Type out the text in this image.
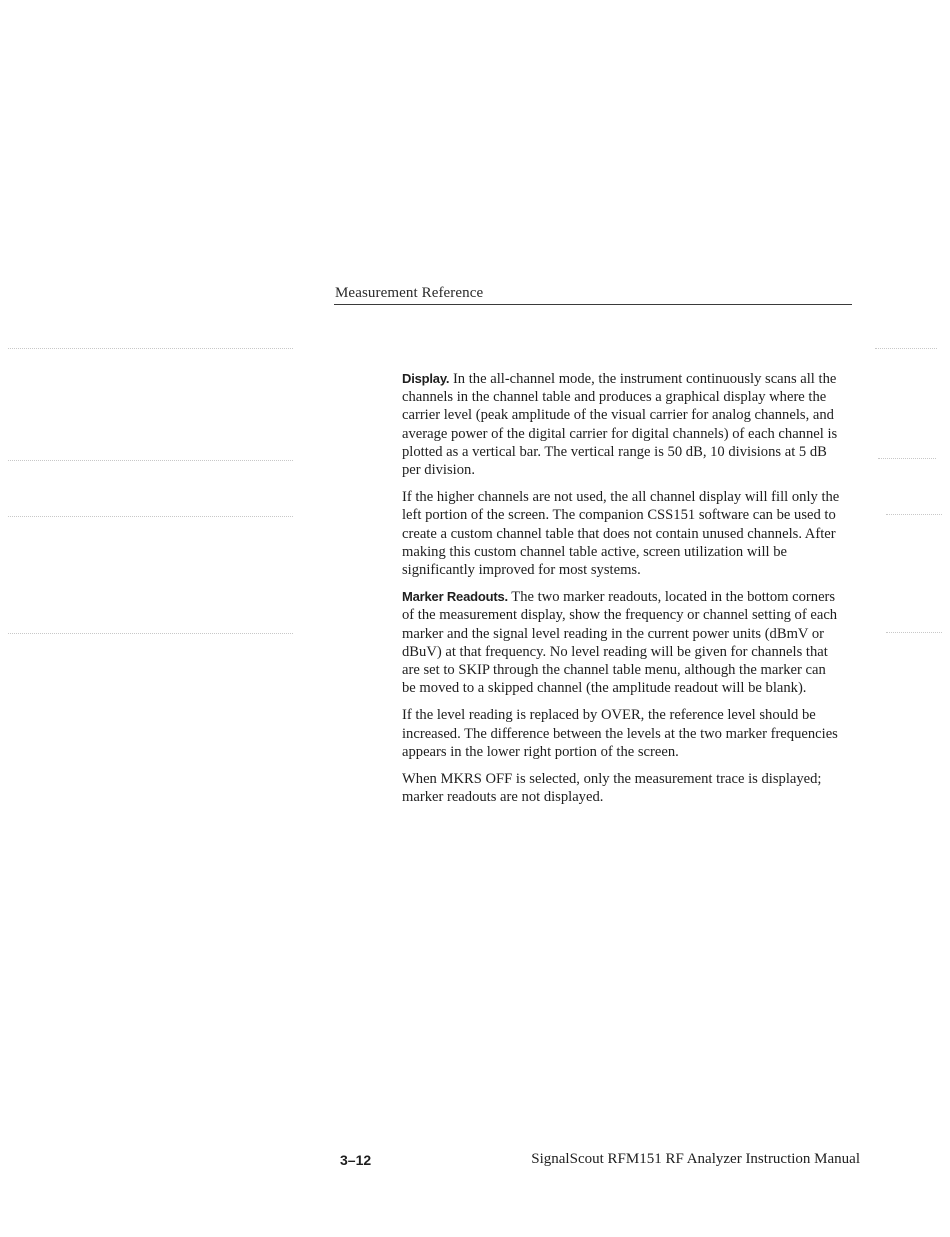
Measurement Reference

Display. In the all-channel mode, the instrument continuously scans all the channels in the channel table and produces a graphical display where the carrier level (peak amplitude of the visual carrier for analog channels, and average power of the digital carrier for digital channels) of each channel is plotted as a vertical bar. The vertical range is 50 dB, 10 divisions at 5 dB per division.

If the higher channels are not used, the all channel display will fill only the left portion of the screen. The companion CSS151 software can be used to create a custom channel table that does not contain unused channels. After making this custom channel table active, screen utilization will be significantly improved for most systems.

Marker Readouts. The two marker readouts, located in the bottom corners of the measurement display, show the frequency or channel setting of each marker and the signal level reading in the current power units (dBmV or dBuV) at that frequency. No level reading will be given for channels that are set to SKIP through the channel table menu, although the marker can be moved to a skipped channel (the amplitude readout will be blank).

If the level reading is replaced by OVER, the reference level should be increased. The difference between the levels at the two marker frequencies appears in the lower right portion of the screen.

When MKRS OFF is selected, only the measurement trace is displayed; marker readouts are not displayed.

3–12	SignalScout RFM151 RF Analyzer Instruction Manual
